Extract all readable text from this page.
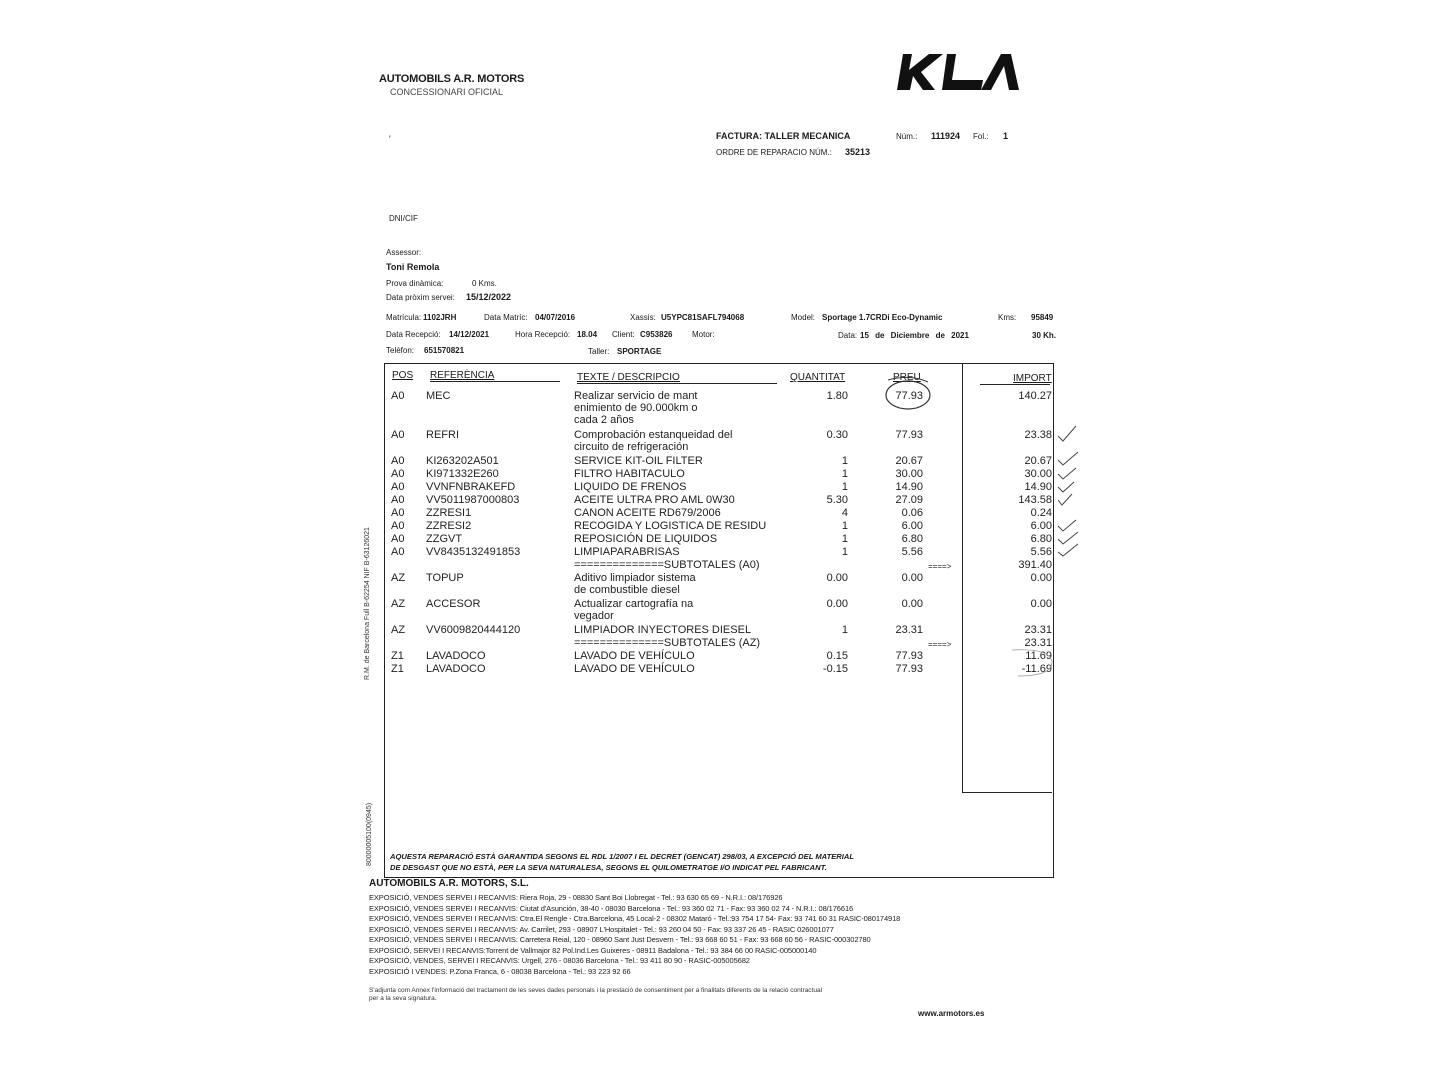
AUTOMOBILS A.R. MOTORS
CONCESSIONARI OFICIAL
FACTURA: TALLER MECANICA	Núm.: 111924 Fol.: 1
ORDRE DE REPARACIO NÚM.: 35213
'
DNI/CIF
Assessor:
Toni Remola
Prova dinàmica:	0 Kms.
Data pròxim servei: 15/12/2022
Matrícula: 1102JRH	Data Matríc: 04/07/2016	Xassis: U5YPC81SAFL794068	Model: Sportage 1.7CRDi Eco-Dynamic	Kms: 95849
Data Recepció: 14/12/2021	Hora Recepció: 18.04 Client: C953826 Motor:	Data: 15 de Diciembre de 2021	30 Kh.
Telèfon: 651570821	Taller: SPORTAGE
R.M. de Barcelona Full B-62254 NIF B-63126021
80000005100(0945)
POS REFERÈNCIA	TEXTE / DESCRIPCIO	QUANTITAT	PREU	IMPORT
A0 MEC	Realizar servicio de mant
enimiento de 90.000km o
cada 2 años
1.80	77.93	140.27
A0 REFRI	Comprobación estanqueidad del
circuito de refrigeración
0.30	77.93	23.38
A0 KI263202A501	SERVICE KIT-OIL FILTER	1	20.67	20.67
A0 KI971332E260	FILTRO HABITACULO	1	30.00	30.00
A0 VVNFNBRAKEFD	LIQUIDO DE FRENOS	1	14.90	14.90
A0 VV5011987000803	ACEITE ULTRA PRO AML 0W30	5.30	27.09	143.58
A0 ZZRESI1	CANON ACEITE RD679/2006	4	0.06	0.24
A0 ZZRESI2	RECOGIDA Y LOGISTICA DE RESIDU	1	6.00	6.00
A0 ZZGVT	REPOSICIÓN DE LIQUIDOS	1	6.80	6.80
A0 VV8435132491853	LIMPIAPARABRISAS	1	5.56	5.56
==============SUBTOTALES (A0)	391.40
====>
AZ TOPUP	Aditivo limpiador sistema
de combustible diesel
0.00	0.00	0.00
AZ ACCESOR	Actualizar cartografía na
vegador
0.00	0.00	0.00
AZ VV6009820444120	LIMPIADOR INYECTORES DIESEL	1	23.31	23.31
==============SUBTOTALES (AZ)	23.31
====>
Z1 LAVADOCO	LAVADO DE VEHÍCULO	0.15	77.93	11.69
Z1 LAVADOCO	LAVADO DE VEHÍCULO	-0.15	77.93	-11.69
AQUESTA REPARACIÓ ESTÀ GARANTIDA SEGONS EL RDL 1/2007 I EL DECRET (GENCAT) 298/03, A EXCEPCIÓ DEL MATERIAL
DE DESGAST QUE NO ESTÀ, PER LA SEVA NATURALESA, SEGONS EL QUILOMETRATGE I/O INDICAT PEL FABRICANT.
AUTOMOBILS A.R. MOTORS, S.L.
EXPOSICIÓ, VENDES SERVEI I RECANVIS: Riera Roja, 29 - 08830 Sant Boi Llobregat - Tel.: 93 630 65 69 - N.R.I.: 08/176926
EXPOSICIÓ, VENDES SERVEI I RECANVIS: Ciutat d'Asunción, 38-40 - 08030 Barcelona - Tel.: 93 360 02 71 - Fax: 93 360 02 74 - N.R.I.: 08/176616
EXPOSICIÓ, VENDES SERVEI I RECANVIS: Ctra.El Rengle - Ctra.Barcelona, 45 Local-2 - 08302 Mataró - Tel.:93 754 17 54- Fax: 93 741 60 31 RASIC-080174918
EXPOSICIÓ, VENDES SERVEI I RECANVIS: Av. Carrilet, 293 - 08907 L'Hospitalet - Tel.: 93 260 04 50 - Fax: 93 337 26 45 - RASIC 026001077
EXPOSICIÓ, VENDES SERVEI I RECANVIS: Carretera Reial, 120 - 08960 Sant Just Desvern - Tel.: 93 668 60 51 - Fax: 93 668 60 56 - RASIC-000302780
EXPOSICIÓ, SERVEI I RECANVIS:Torrent de Vallmajor 82 Pol.Ind.Les Guixeres - 08911 Badalona - Tel.: 93 384 66 00 RASIC-005000140
EXPOSICIÓ, VENDES, SERVEI I RECANVIS: Urgell, 276 - 08036 Barcelona - Tel.: 93 411 80 90 - RASIC-005005682
EXPOSICIÓ I VENDES: P.Zona Franca, 6 - 08038 Barcelona - Tel.: 93 223 92 66
S'adjunta com Annex l'informació del tractament de les seves dades personals i la prestació de consentiment per a finalitats diferents de la relació contractual
per a la seva signatura.
www.armotors.es
